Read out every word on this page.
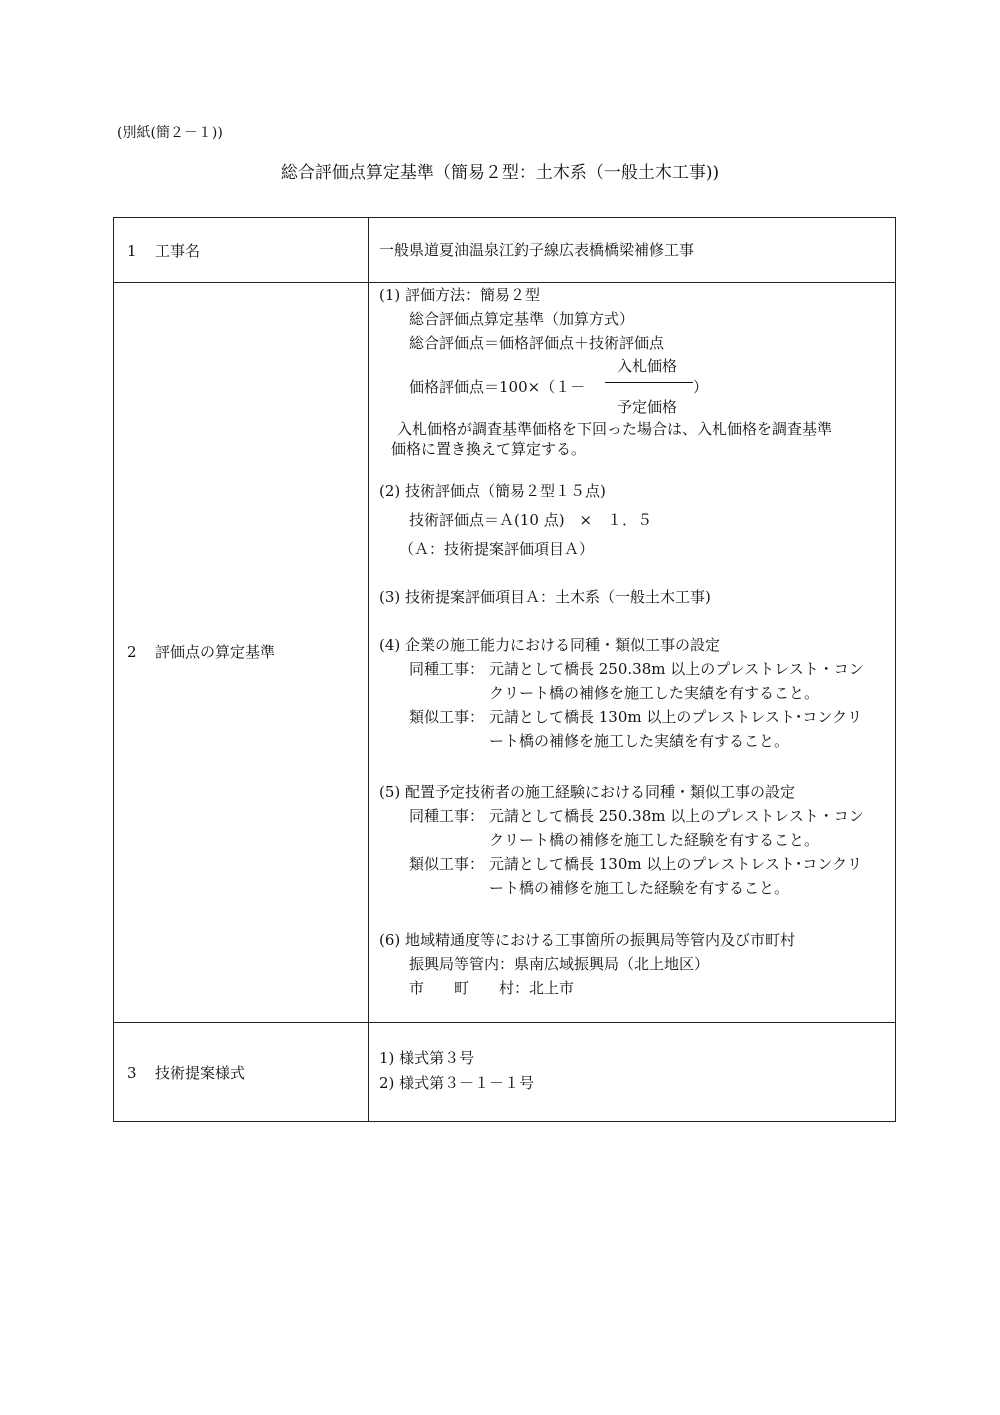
(別紙(簡２－１))
総合評価点算定基準（簡易２型：土木系（一般土木工事))
1 工事名	一般県道夏油温泉江釣子線広表橋橋梁補修工事
2 評価点の算定基準
(1) 評価方法：簡易２型
総合評価点算定基準（加算方式）
総合評価点＝価格評価点＋技術評価点
入札価格
価格評価点＝100×（１－	）
予定価格
入札価格が調査基準価格を下回った場合は、入札価格を調査基準
価格に置き換えて算定する。
(2) 技術評価点（簡易２型１５点)
技術評価点＝Ａ(10 点)　×　１．５
（Ａ：技術提案評価項目Ａ）
(3) 技術提案評価項目Ａ：土木系（一般土木工事)
(4) 企業の施工能力における同種・類似工事の設定
同種工事： 元請として橋長 250.38m 以上のプレストレスト・コン
クリート橋の補修を施工した実績を有すること。
類似工事： 元請として橋長 130m 以上のプレストレスト･コンクリ
ート橋の補修を施工した実績を有すること。
(5) 配置予定技術者の施工経験における同種・類似工事の設定
同種工事： 元請として橋長 250.38m 以上のプレストレスト・コン
クリート橋の補修を施工した経験を有すること。
類似工事： 元請として橋長 130m 以上のプレストレスト･コンクリ
ート橋の補修を施工した経験を有すること。
(6) 地域精通度等における工事箇所の振興局等管内及び市町村
振興局等管内：県南広域振興局（北上地区）
市　　町　　村：北上市
3 技術提案様式
1) 様式第３号
2) 様式第３－１－１号
